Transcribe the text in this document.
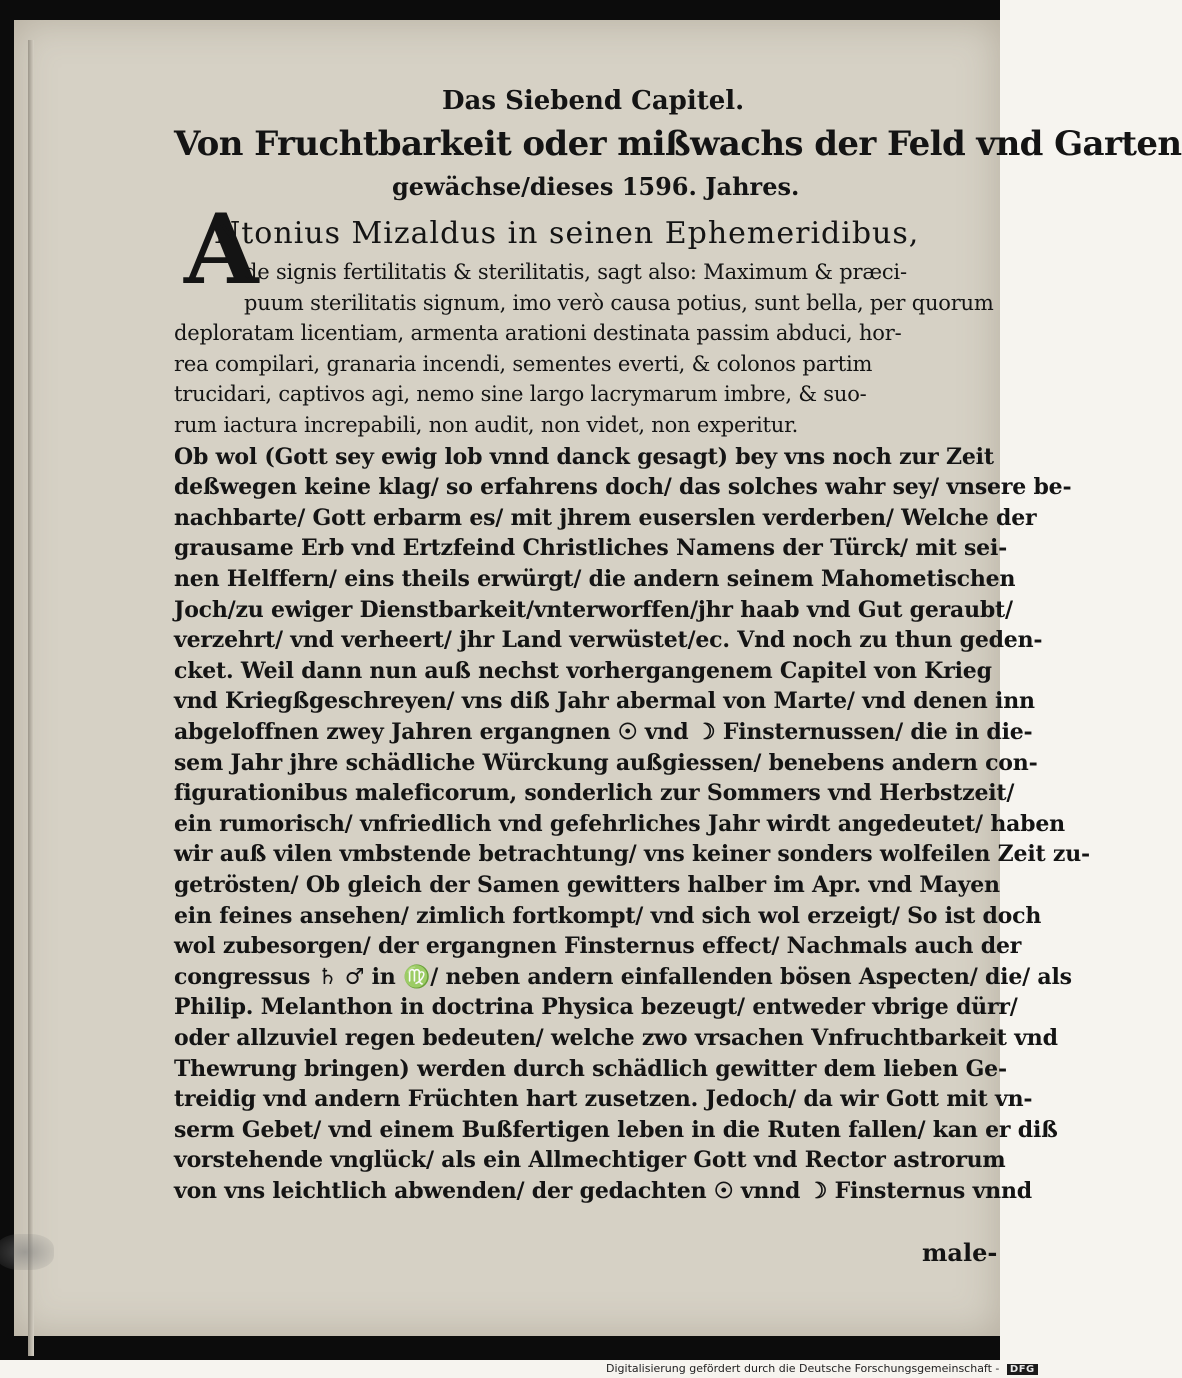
Das Siebend Capitel.
Von Fruchtbarkeit oder mißwachs der Feld vnd Garten
gewächse/dieses 1596. Jahres.
A
Ntonius Mizaldus in seinen Ephemeridibus,
de signis fertilitatis & sterilitatis, sagt also: Maximum & præci-
puum sterilitatis signum, imo verò causa potius, sunt bella, per quorum
deploratam licentiam, armenta arationi destinata passim abduci, hor-
rea compilari, granaria incendi, sementes everti, & colonos partim
trucidari, captivos agi, nemo sine largo lacrymarum imbre, & suo-
rum iactura increpabili, non audit, non videt, non experitur.
Ob wol (Gott sey ewig lob vnnd danck gesagt) bey vns noch zur Zeit
deßwegen keine klag/ so erfahrens doch/ das solches wahr sey/ vnsere be-
nachbarte/ Gott erbarm es/ mit jhrem euserslen verderben/ Welche der
grausame Erb vnd Ertzfeind Christliches Namens der Türck/ mit sei-
nen Helffern/ eins theils erwürgt/ die andern seinem Mahometischen
Joch/zu ewiger Dienstbarkeit/vnterworffen/jhr haab vnd Gut geraubt/
verzehrt/ vnd verheert/ jhr Land verwüstet/ec. Vnd noch zu thun geden-
cket. Weil dann nun auß nechst vorhergangenem Capitel von Krieg
vnd Kriegßgeschreyen/ vns diß Jahr abermal von Marte/ vnd denen inn
abgeloffnen zwey Jahren ergangnen ☉ vnd ☽ Finsternussen/ die in die-
sem Jahr jhre schädliche Würckung außgiessen/ benebens andern con-
figurationibus maleficorum, sonderlich zur Sommers vnd Herbstzeit/
ein rumorisch/ vnfriedlich vnd gefehrliches Jahr wirdt angedeutet/ haben
wir auß vilen vmbstende betrachtung/ vns keiner sonders wolfeilen Zeit zu-
getrösten/ Ob gleich der Samen gewitters halber im Apr. vnd Mayen
ein feines ansehen/ zimlich fortkompt/ vnd sich wol erzeigt/ So ist doch
wol zubesorgen/ der ergangnen Finsternus effect/ Nachmals auch der
congressus ♄ ♂ in ♍/ neben andern einfallenden bösen Aspecten/ die/ als
Philip. Melanthon in doctrina Physica bezeugt/ entweder vbrige dürr/
oder allzuviel regen bedeuten/ welche zwo vrsachen Vnfruchtbarkeit vnd
Thewrung bringen) werden durch schädlich gewitter dem lieben Ge-
treidig vnd andern Früchten hart zusetzen. Jedoch/ da wir Gott mit vn-
serm Gebet/ vnd einem Bußfertigen leben in die Ruten fallen/ kan er diß
vorstehende vnglück/ als ein Allmechtiger Gott vnd Rector astrorum
von vns leichtlich abwenden/ der gedachten ☉ vnnd ☽ Finsternus vnnd
male-
Digitalisierung gefördert durch die Deutsche Forschungsgemeinschaft - DFG
